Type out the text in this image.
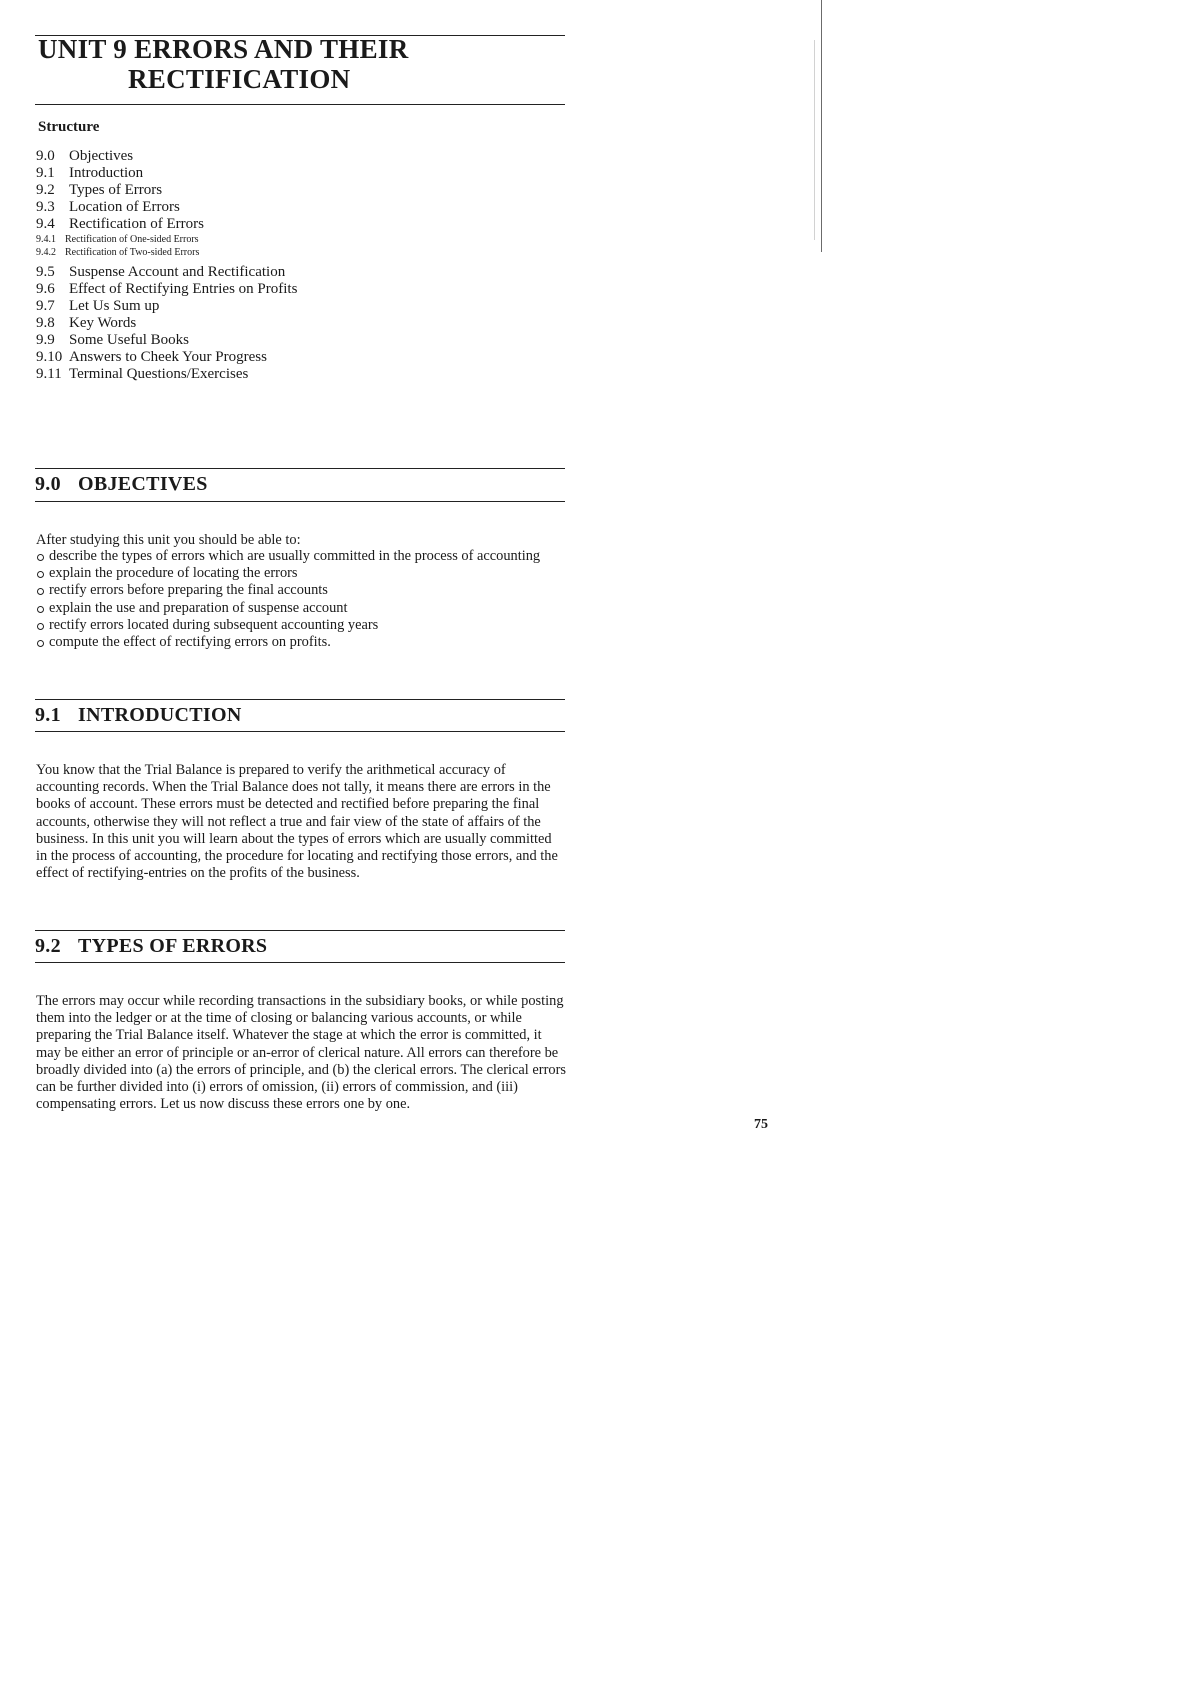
UNIT 9 ERRORS AND THEIR
RECTIFICATION
Structure
9.0 Objectives
9.1 Introduction
9.2 Types of Errors
9.3 Location of Errors
9.4 Rectification of Errors
9.4.1 Rectification of One-sided Errors
9.4.2 Rectification of Two-sided Errors
9.5 Suspense Account and Rectification
9.6 Effect of Rectifying Entries on Profits
9.7 Let Us Sum up
9.8 Key Words
9.9 Some Useful Books
9.10 Answers to Cheek Your Progress
9.11 Terminal Questions/Exercises
9.0 OBJECTIVES

After studying this unit you should be able to:

describe the types of errors which are usually committed in the process of accounting
explain the procedure of locating the errors
rectify errors before preparing the final accounts
explain the use and preparation of suspense account
rectify errors located during subsequent accounting years
compute the effect of rectifying errors on profits.
9.1 INTRODUCTION

You know that the Trial Balance is prepared to verify the arithmetical accuracy of accounting records. When the Trial Balance does not tally, it means there are errors in the books of account. These errors must be detected and rectified before preparing the final accounts, otherwise they will not reflect a true and fair view of the state of affairs of the business. In this unit you will learn about the types of errors which are usually committed in the process of accounting, the procedure for locating and rectifying those errors, and the effect of rectifying-entries on the profits of the business.

9.2 TYPES OF ERRORS

The errors may occur while recording transactions in the subsidiary books, or while posting them into the ledger or at the time of closing or balancing various accounts, or while preparing the Trial Balance itself. Whatever the stage at which the error is committed, it may be either an error of principle or an-error of clerical nature. All errors can therefore be broadly divided into (a) the errors of principle, and (b) the clerical errors. The clerical errors can be further divided into (i) errors of omission, (ii) errors of commission, and (iii) compensating errors. Let us now discuss these errors one by one.

75
